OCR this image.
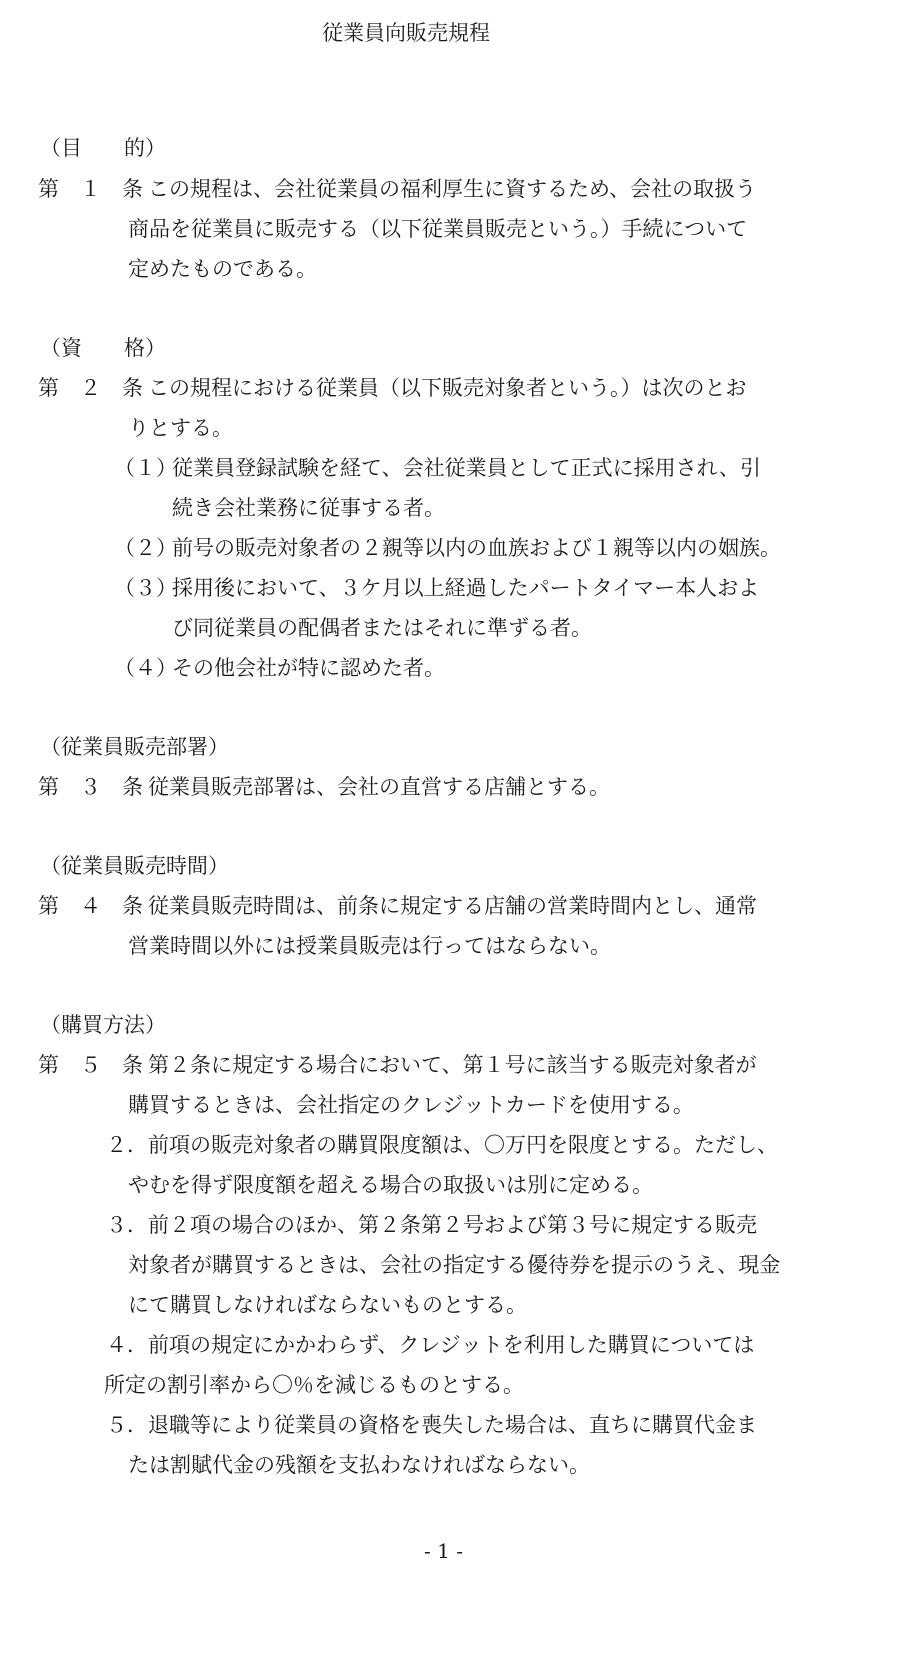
従業員向販売規程
（目　　的）
第　１　条 この規程は、会社従業員の福利厚生に資するため、会社の取扱う
商品を従業員に販売する（以下従業員販売という。）手続について
定めたものである。
（資　　格）
第　２　条 この規程における従業員（以下販売対象者という。）は次のとお
りとする。
（１）
従業員登録試験を経て、会社従業員として正式に採用され、引
続き会社業務に従事する者。
（２）
前号の販売対象者の２親等以内の血族および１親等以内の姻族。
（３）
採用後において、３ケ月以上経過したパートタイマー本人およ
び同従業員の配偶者またはそれに準ずる者。
（４）
その他会社が特に認めた者。
（従業員販売部署）
第　３　条 従業員販売部署は、会社の直営する店舗とする。
（従業員販売時間）
第　４　条 従業員販売時間は、前条に規定する店舗の営業時間内とし、通常
営業時間以外には授業員販売は行ってはならない。
（購買方法）
第　５　条 第２条に規定する場合において、第１号に該当する販売対象者が
購買するときは、会社指定のクレジットカードを使用する。
２． 前項の販売対象者の購買限度額は、〇万円を限度とする。ただし、
やむを得ず限度額を超える場合の取扱いは別に定める。
３． 前２項の場合のほか、第２条第２号および第３号に規定する販売
対象者が購買するときは、会社の指定する優待券を提示のうえ、現金
にて購買しなければならないものとする。
４． 前項の規定にかかわらず、クレジットを利用した購買については
所定の割引率から〇％を減じるものとする。
５． 退職等により従業員の資格を喪失した場合は、直ちに購買代金ま
たは割賦代金の残額を支払わなければならない。
- 1 -
